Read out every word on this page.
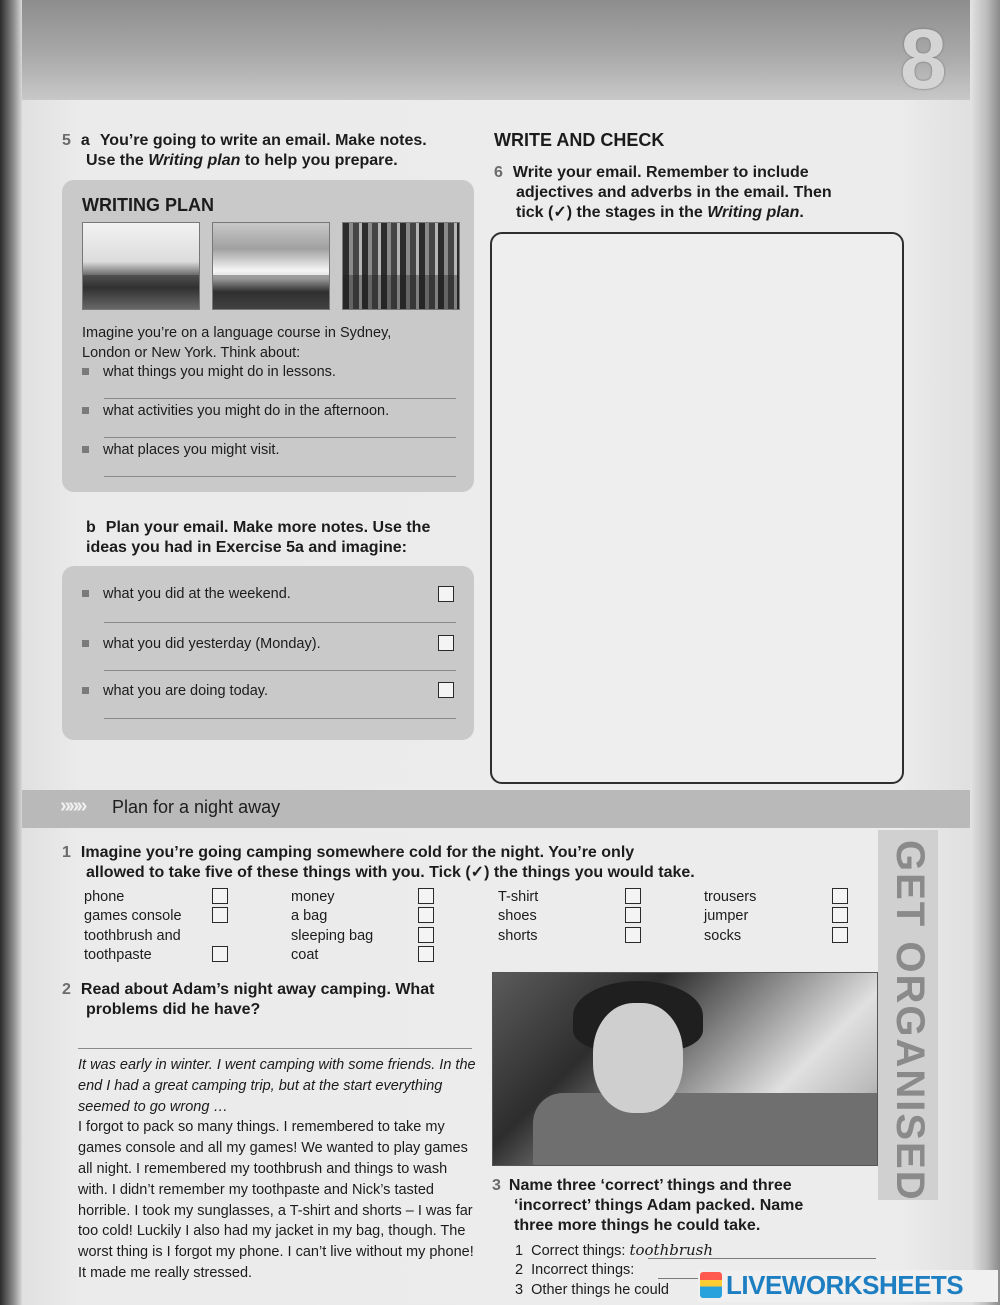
8
5 a You’re going to write an email. Make notes.
Use the Writing plan to help you prepare.
WRITING PLAN
Imagine you’re on a language course in Sydney,
London or New York. Think about:
what things you might do in lessons.
what activities you might do in the afternoon.
what places you might visit.
b Plan your email. Make more notes. Use the
ideas you had in Exercise 5a and imagine:
what you did at the weekend.
what you did yesterday (Monday).
what you are doing today.
WRITE AND CHECK
6 Write your email. Remember to include
adjectives and adverbs in the email. Then
tick (✓) the stages in the Writing plan.
»»» Plan for a night away
1 Imagine you’re going camping somewhere cold for the night. You’re only
allowed to take five of these things with you. Tick (✓) the things you would take.
phone
games console
toothbrush and
toothpaste
money
a bag
sleeping bag
coat
T-shirt
shoes
shorts
trousers
jumper
socks	GET ORGANISED
2 Read about Adam’s night away camping. What
problems did he have?
It was early in winter. I went camping with some friends. In the end I had a great camping trip, but at the start everything seemed to go wrong …
I forgot to pack so many things. I remembered to take my games console and all my games! We wanted to play games all night. I remembered my toothbrush and things to wash with. I didn’t remember my toothpaste and Nick’s tasted horrible. I took my sunglasses, a T-shirt and shorts – I was far too cold! Luckily I also had my jacket in my bag, though. The worst thing is I forgot my phone. I can’t live without my phone! It made me really stressed.
3 Name three ‘correct’ things and three
‘incorrect’ things Adam packed. Name
three more things he could take.
1 Correct things: toothbrush
2 Incorrect things:
3 Other things he could LIVEWORKSHEETS
